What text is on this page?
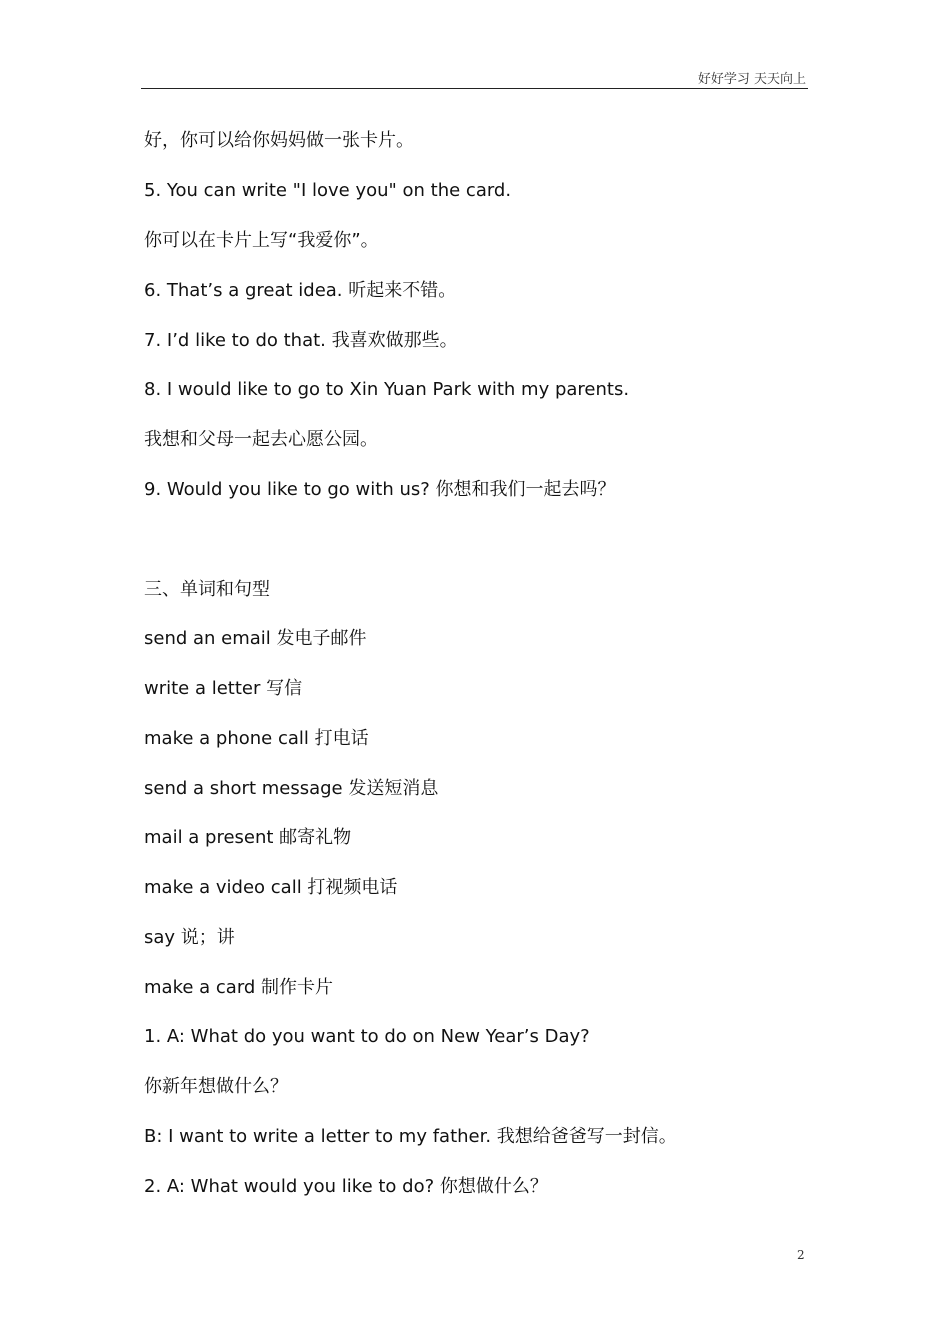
好好学习 天天向上
好，你可以给你妈妈做一张卡片。
5. You can write "I love you" on the card.
你可以在卡片上写“我爱你”。
6. That’s a great idea. 听起来不错。
7. I’d like to do that. 我喜欢做那些。
8. I would like to go to Xin Yuan Park with my parents.
我想和父母一起去心愿公园。
9. Would you like to go with us? 你想和我们一起去吗？
三、单词和句型
send an email 发电子邮件
write a letter 写信
make a phone call 打电话
send a short message 发送短消息
mail a present 邮寄礼物
make a video call 打视频电话
say 说；讲
make a card 制作卡片
1. A: What do you want to do on New Year’s Day?
你新年想做什么？
B: I want to write a letter to my father. 我想给爸爸写一封信。
2. A: What would you like to do? 你想做什么？
2
